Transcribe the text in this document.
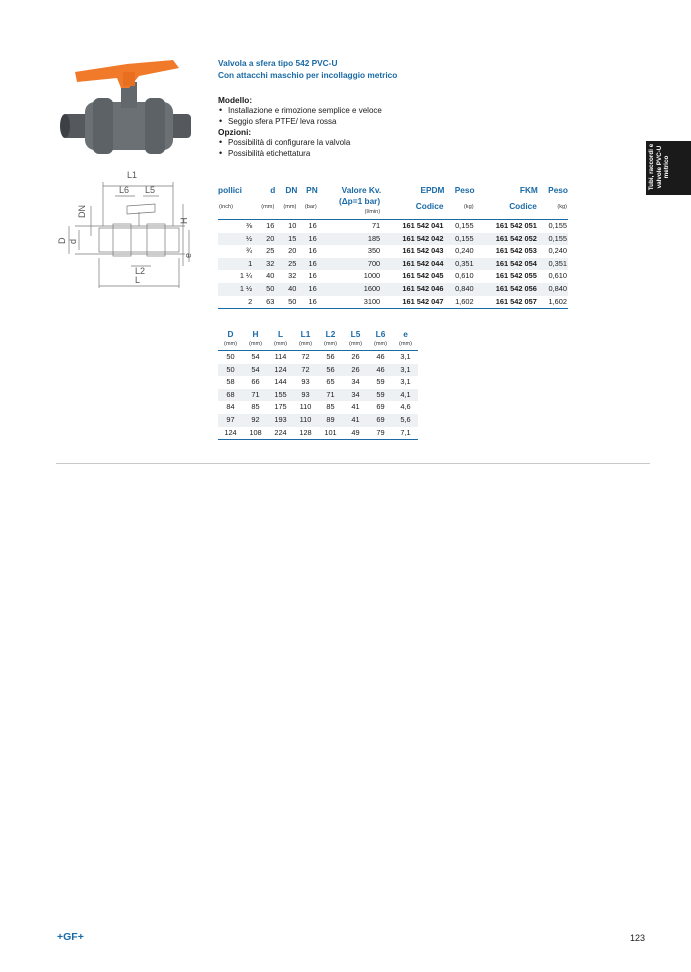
L1
L6 L5
DN
D d
H
L2
e
L
Valvola a sfera tipo 542 PVC-U
Con attacchi maschio per incollaggio metrico
Modello:
• Installazione e rimozione semplice e veloce
• Seggio sfera PTFE/ leva rossa
Opzioni:
• Possibilità di configurare la valvola
• Possibilità etichettatura
pollici	d	DN	PN	Valore Kv.	EPDM	Peso	FKM	Peso
(inch)	(mm)	(mm)	(bar)	(Δp=1 bar)
(l/min)	Codice	(kg)	Codice	(kg)
⅜	16	10	16	71	161 542 041	0,155	161 542 051	0,155
½	20	15	16	185	161 542 042	0,155	161 542 052	0,155
¾	25	20	16	350	161 542 043	0,240	161 542 053	0,240
1	32	25	16	700	161 542 044	0,351	161 542 054	0,351
1 ¼	40	32	16	1000	161 542 045	0,610	161 542 055	0,610
1 ½	50	40	16	1600	161 542 046	0,840	161 542 056	0,840
2	63	50	16	3100	161 542 047	1,602	161 542 057	1,602
D	H	L	L1	L2	L5	L6	e
(mm)	(mm)	(mm)	(mm)	(mm)	(mm)	(mm)	(mm)
50	54	114	72	56	26	46	3,1
50	54	124	72	56	26	46	3,1
58	66	144	93	65	34	59	3,1
68	71	155	93	71	34	59	4,1
84	85	175	110	85	41	69	4,6
97	92	193	110	89	41	69	5,6
124	108	224	128	101	49	79	7,1
Tubi, raccordi e valvole PVC-U metrico
+GF+	123
